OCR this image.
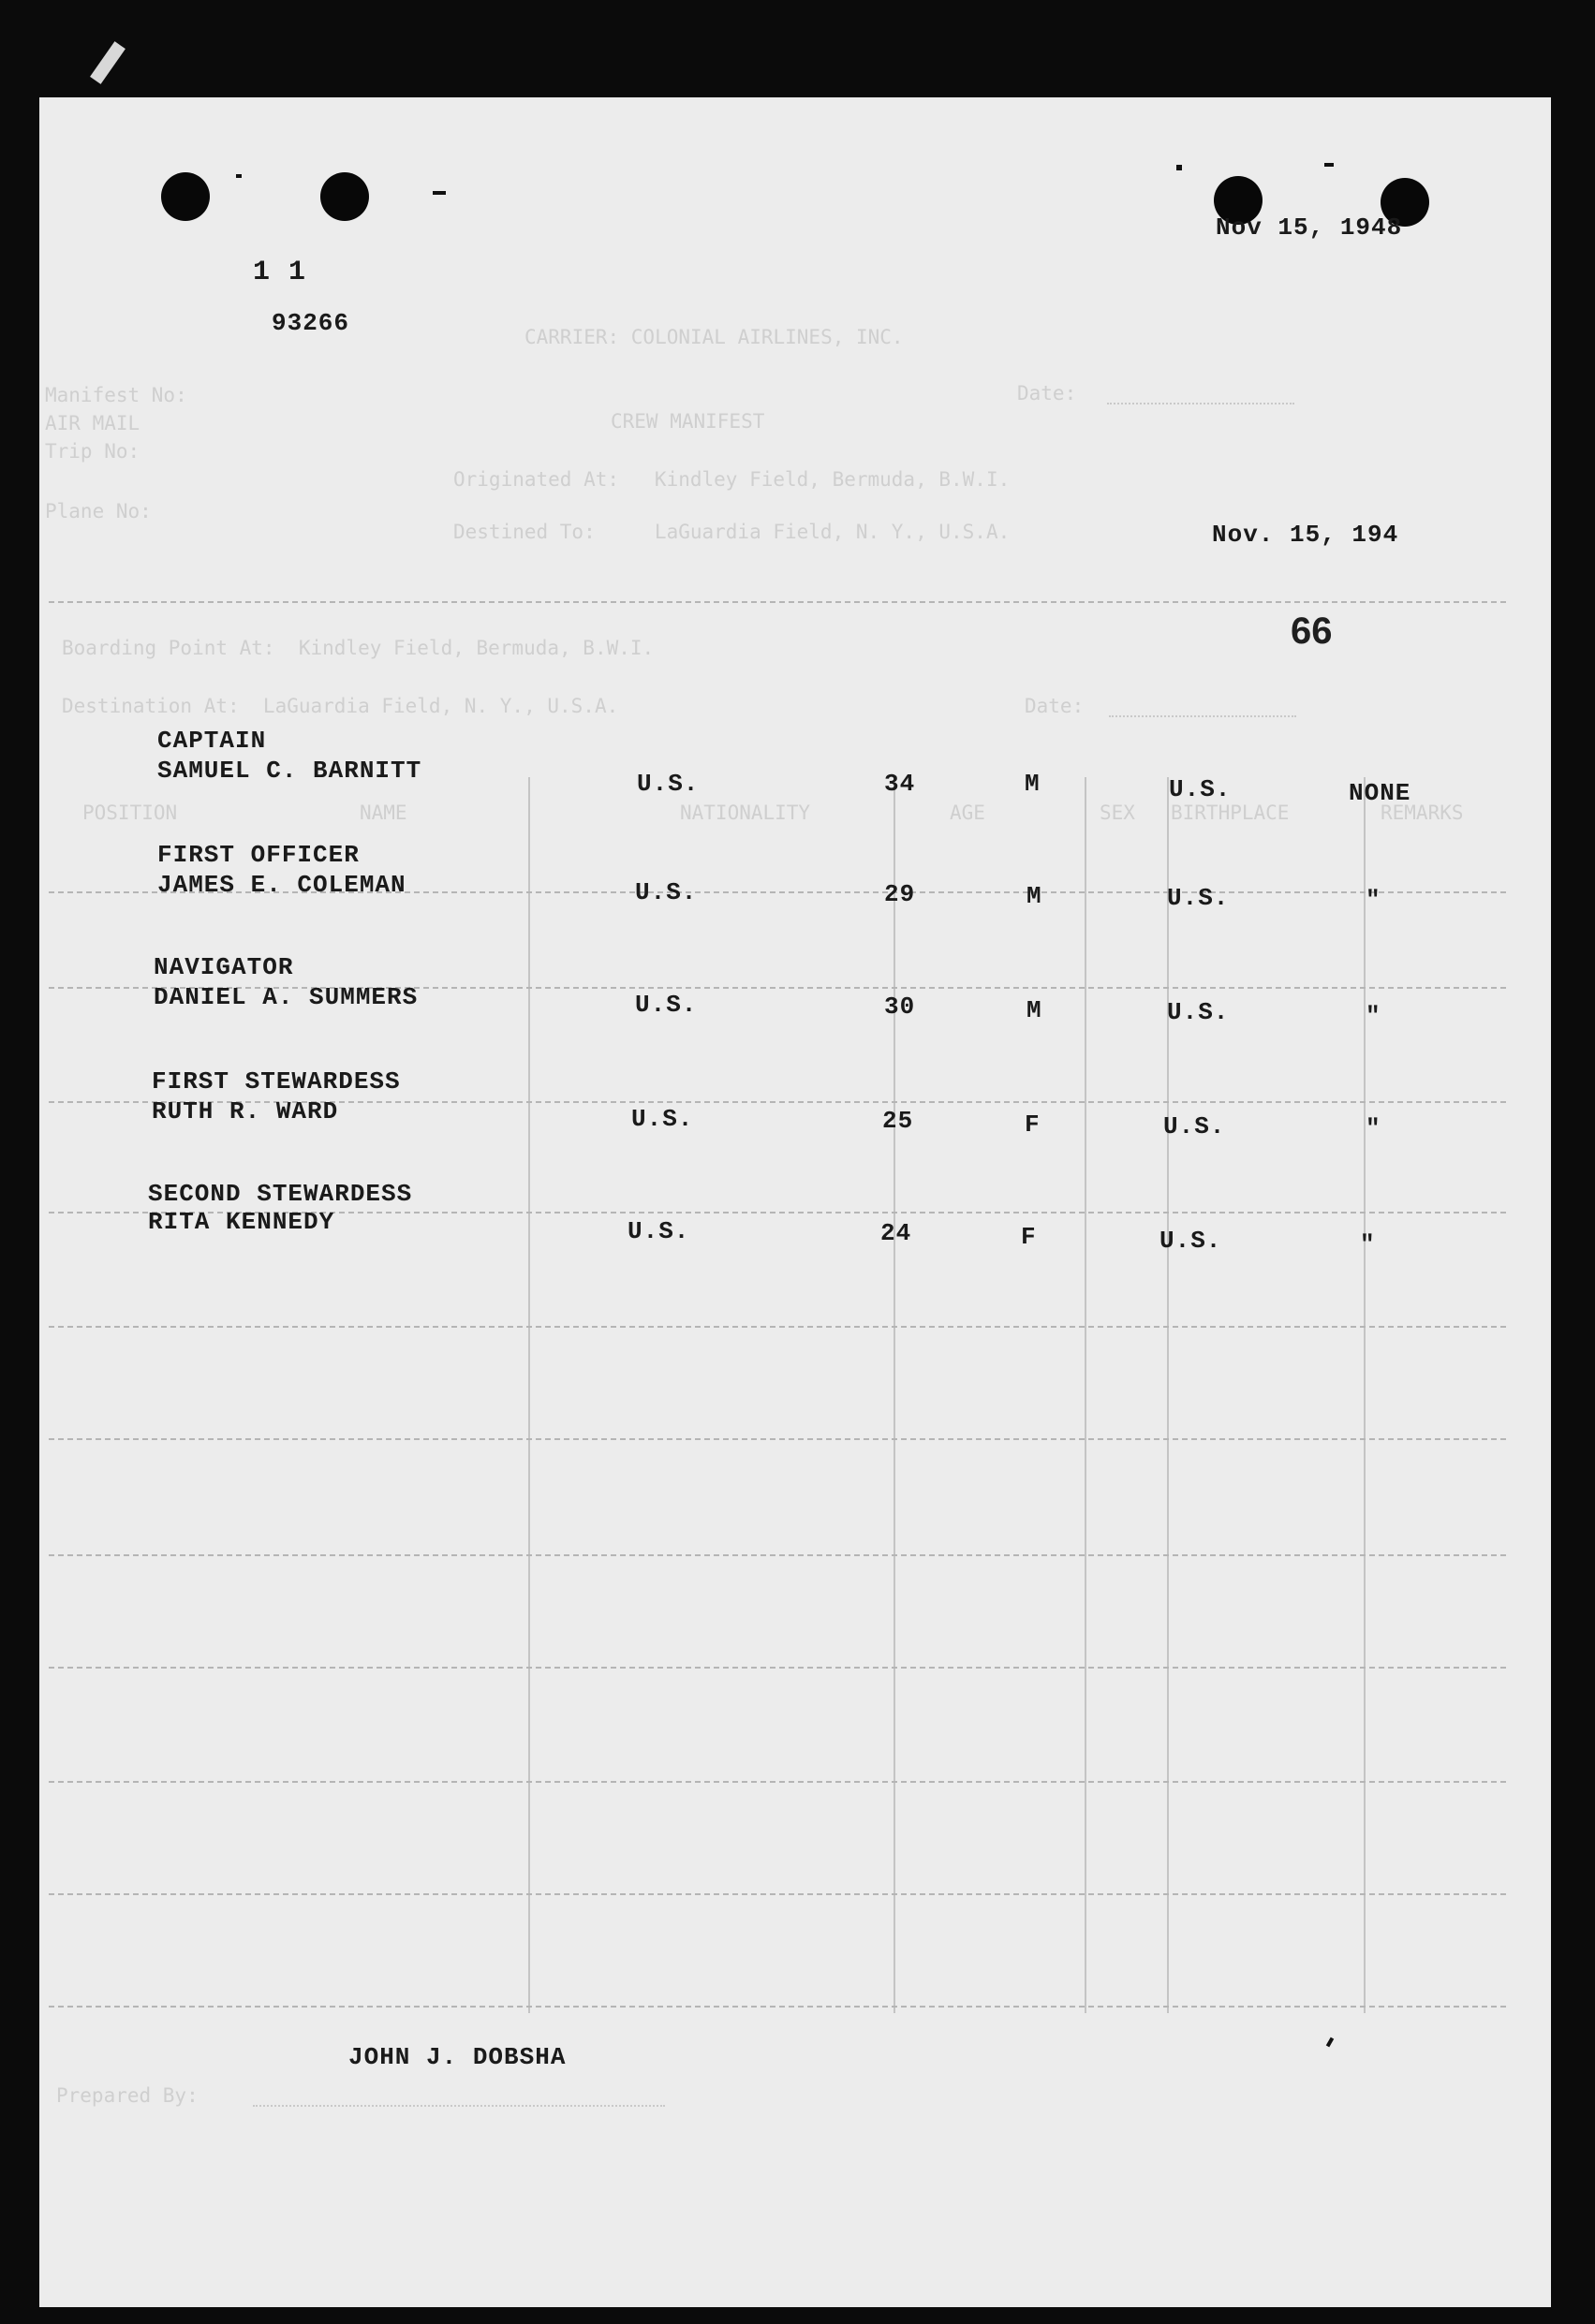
Nov 15, 1948
1 1
93266	CARRIER: COLONIAL AIRLINES, INC.
Date:
Manifest No:
AIR MAIL
Trip No:
CREW MANIFEST
Originated At:   Kindley Field, Bermuda, B.W.I.
Plane No:
Destined To:     LaGuardia Field, N. Y., U.S.A.	Nov. 15, 194
66
Boarding Point At:  Kindley Field, Bermuda, B.W.I.
Destination At:  LaGuardia Field, N. Y., U.S.A.	Date:
POSITION	NAME	NATIONALITY	AGE	SEX BIRTHPLACE	REMARKS
CAPTAIN
SAMUEL C. BARNITT	U.S.	34	M	U.S.	NONE
FIRST OFFICER
JAMES E. COLEMAN	U.S.	29	M	U.S.	"
NAVIGATOR
DANIEL A. SUMMERS	U.S.	30	M	U.S.	"
FIRST STEWARDESS
RUTH R. WARD	U.S.	25	F	U.S.	"
SECOND STEWARDESS
RITA KENNEDY	U.S.	24	F	U.S.	"
JOHN J. DOBSHA
Prepared By:
